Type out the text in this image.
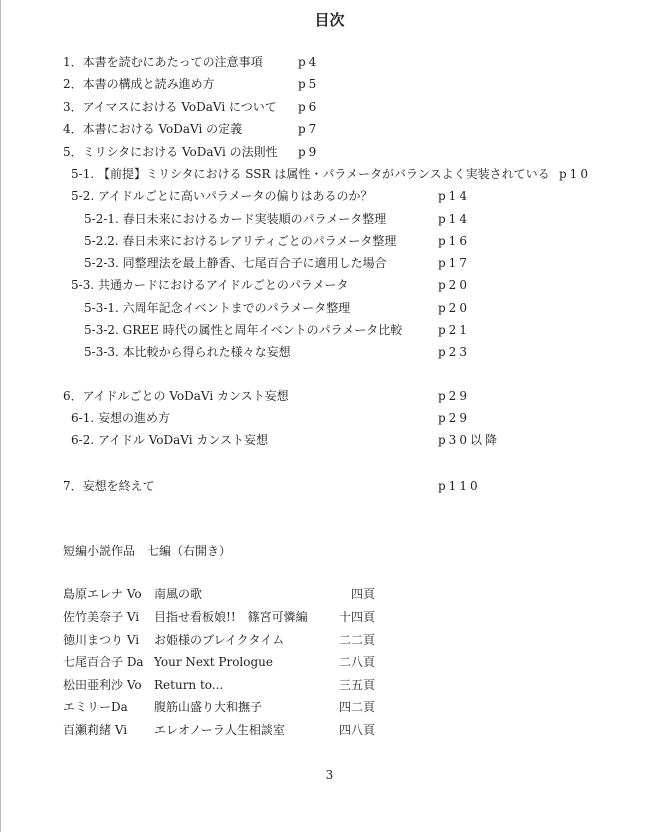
目次
1．本書を読むにあたっての注意事項	p4
2．本書の構成と読み進め方	p5
3．アイマスにおける VoDaVi について p6
4．本書における VoDaVi の定義	p7
5．ミリシタにおける VoDaVi の法則性 p9
5-1. 【前提】ミリシタにおける SSR は属性・パラメータがバランスよく実装されている p10
5-2. アイドルごとに高いパラメータの偏りはあるのか？	p14
5-2-1. 春日未来におけるカード実装順のパラメータ整理	p14
5-2.2. 春日未来におけるレアリティごとのパラメータ整理	p16
5-2-3. 同整理法を最上静香、七尾百合子に適用した場合	p17
5-3. 共通カードにおけるアイドルごとのパラメータ	p20
5-3-1. 六周年記念イベントまでのパラメータ整理	p20
5-3-2. GREE 時代の属性と周年イベントのパラメータ比較	p21
5-3-3. 本比較から得られた様々な妄想	p23
6．アイドルごとの VoDaVi カンスト妄想	p29
6-1. 妄想の進め方	p29
6-2. アイドル VoDaVi カンスト妄想	p30以降
7．妄想を終えて	p110
短編小説作品　七編（右開き）
島原エレナ Vo 南風の歌	四頁
佐竹美奈子 Vi 目指せ看板娘!!　篠宮可憐編	十四頁
徳川まつり Vi お姫様のブレイクタイム	二二頁
七尾百合子 Da Your Next Prologue	二八頁
松田亜利沙 Vo Return to...	三五頁
エミリーDa 腹筋山盛り大和撫子	四二頁
百瀬莉緒 Vi エレオノーラ人生相談室	四八頁
3
